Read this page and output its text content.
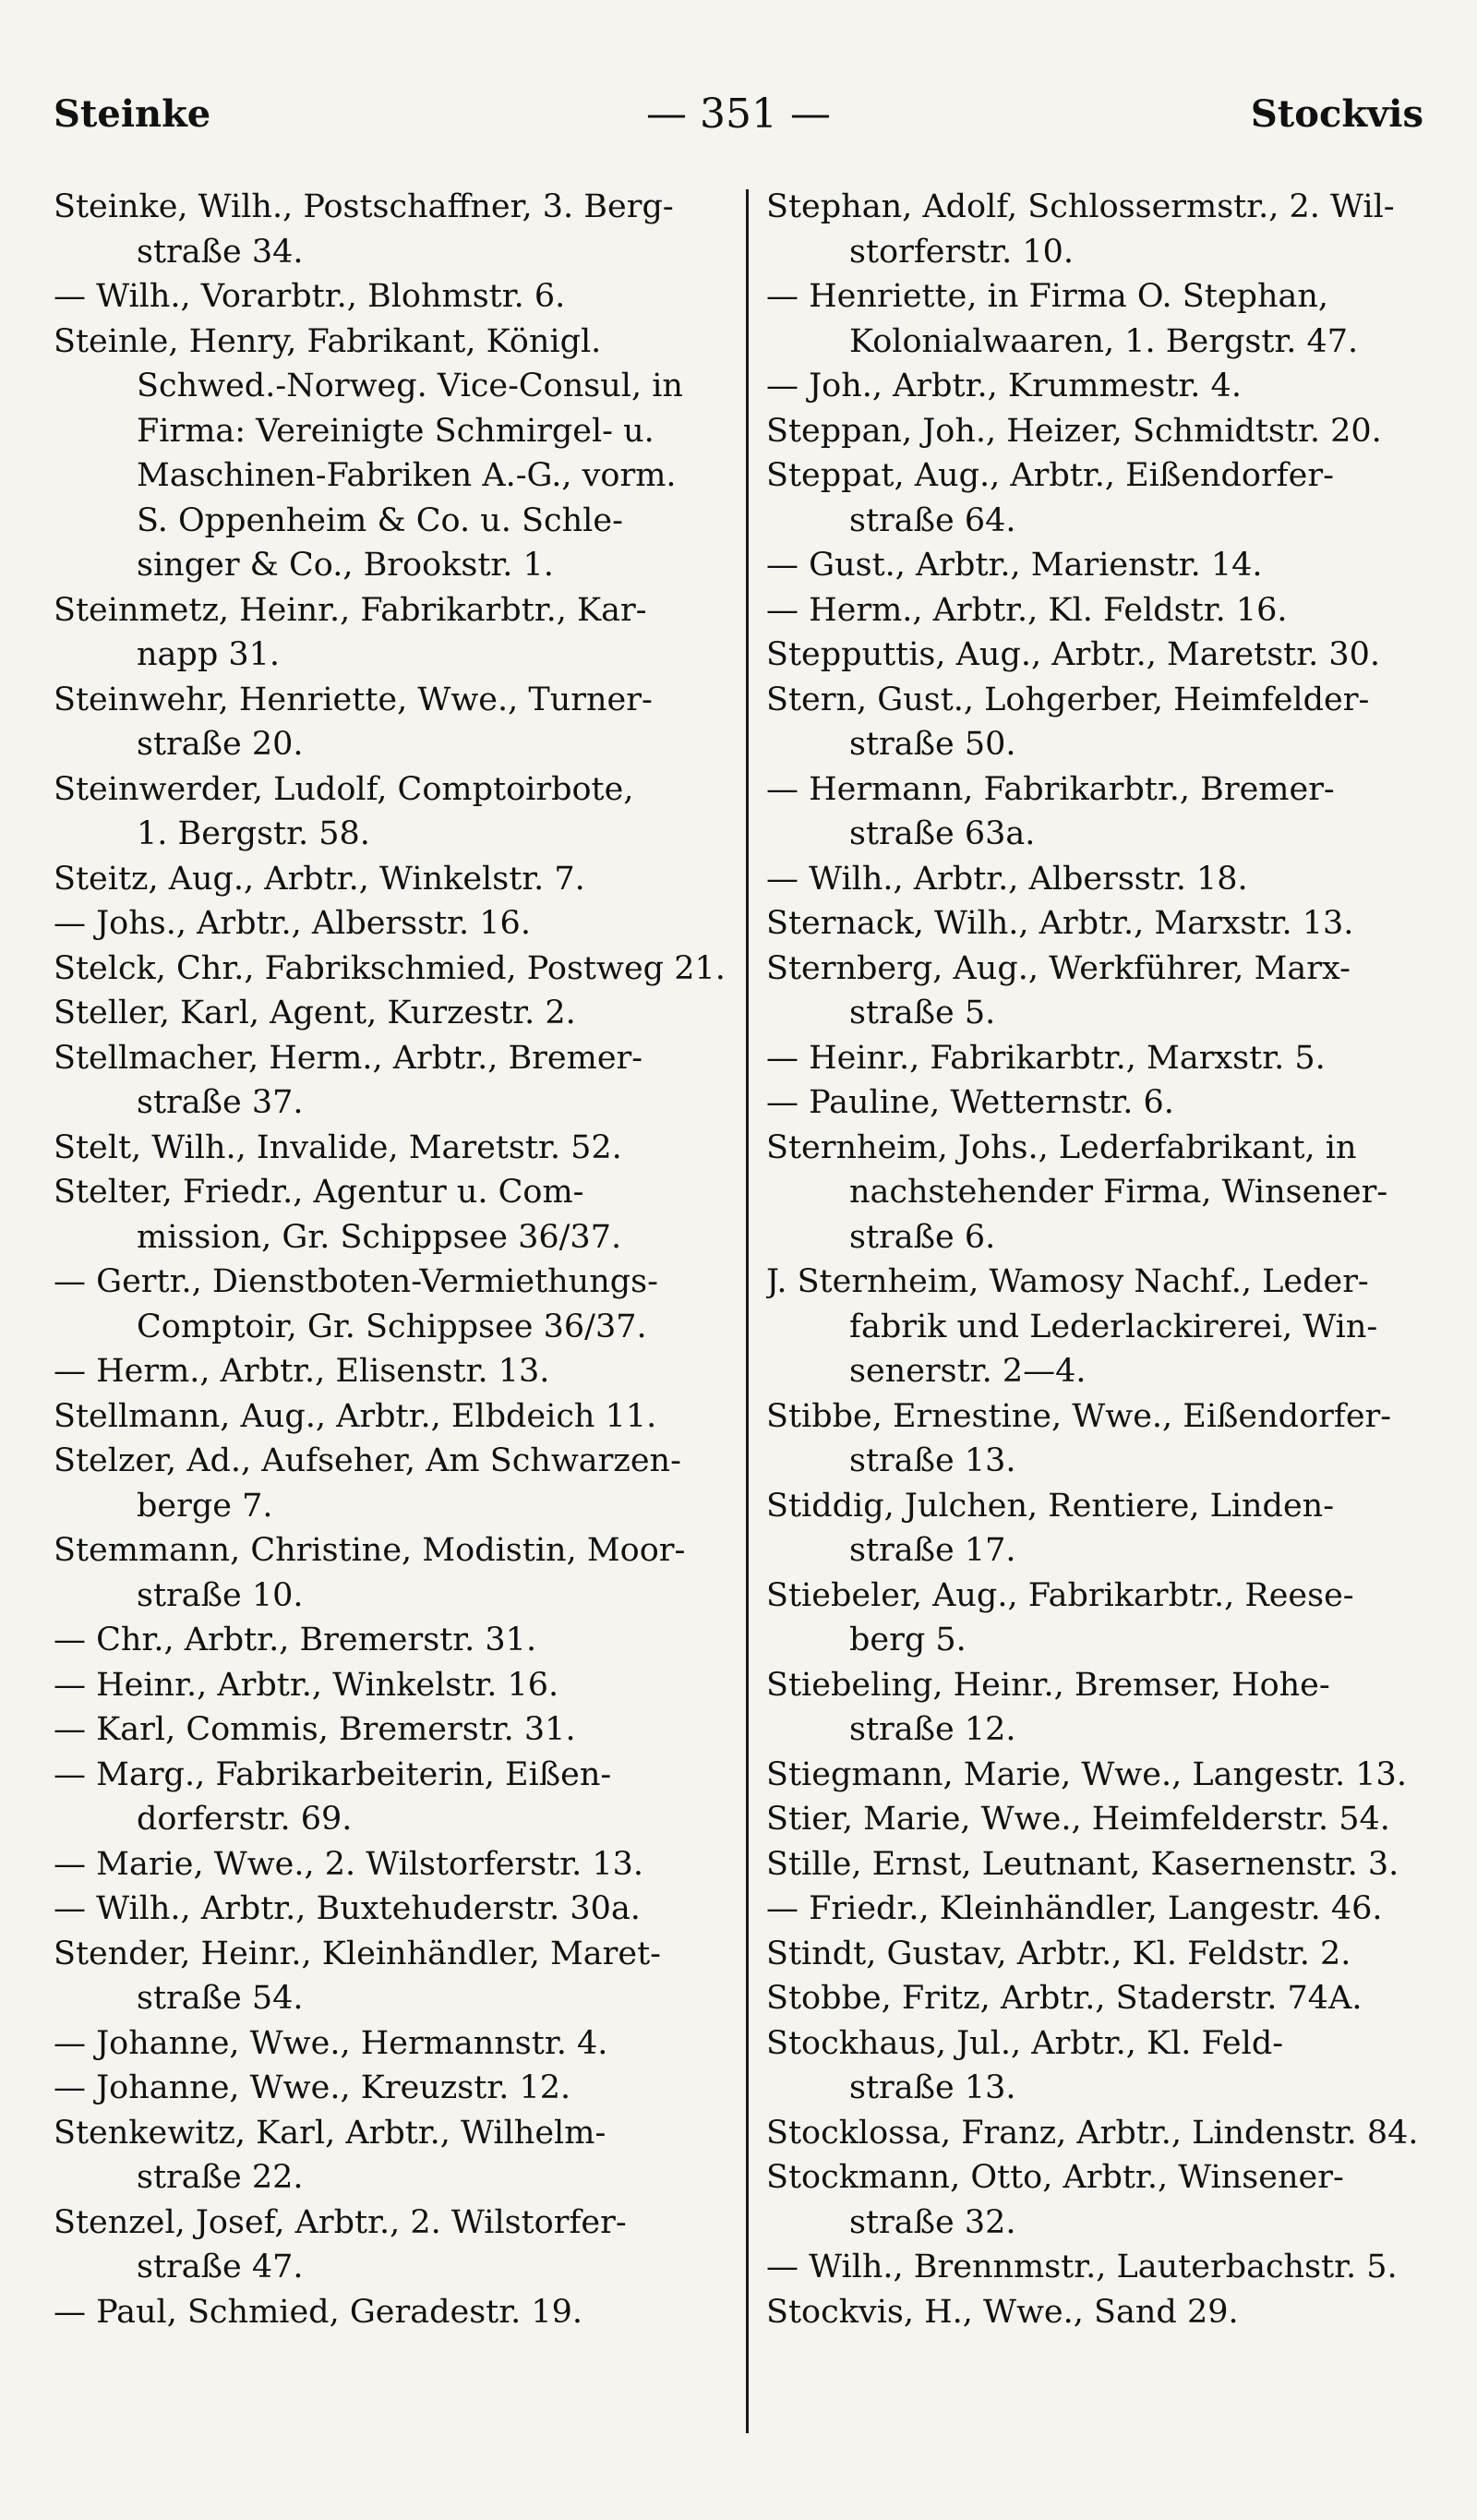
Steinke	— 351 —	Stockvis
Steinke, Wilh., Postschaffner, 3. Berg-
straße 34.
— Wilh., Vorarbtr., Blohmstr. 6.
Steinle, Henry, Fabrikant, Königl.
Schwed.-Norweg. Vice-Consul, in
Firma: Vereinigte Schmirgel- u.
Maschinen-Fabriken A.-G., vorm.
S. Oppenheim & Co. u. Schle-
singer & Co., Brookstr. 1.
Steinmetz, Heinr., Fabrikarbtr., Kar-
napp 31.
Steinwehr, Henriette, Wwe., Turner-
straße 20.
Steinwerder, Ludolf, Comptoirbote,
1. Bergstr. 58.
Steitz, Aug., Arbtr., Winkelstr. 7.
— Johs., Arbtr., Albersstr. 16.
Stelck, Chr., Fabrikschmied, Postweg 21.
Steller, Karl, Agent, Kurzestr. 2.
Stellmacher, Herm., Arbtr., Bremer-
straße 37.
Stelt, Wilh., Invalide, Maretstr. 52.
Stelter, Friedr., Agentur u. Com-
mission, Gr. Schippsee 36/37.
— Gertr., Dienstboten-Vermiethungs-
Comptoir, Gr. Schippsee 36/37.
— Herm., Arbtr., Elisenstr. 13.
Stellmann, Aug., Arbtr., Elbdeich 11.
Stelzer, Ad., Aufseher, Am Schwarzen-
berge 7.
Stemmann, Christine, Modistin, Moor-
straße 10.
— Chr., Arbtr., Bremerstr. 31.
— Heinr., Arbtr., Winkelstr. 16.
— Karl, Commis, Bremerstr. 31.
— Marg., Fabrikarbeiterin, Eißen-
dorferstr. 69.
— Marie, Wwe., 2. Wilstorferstr. 13.
— Wilh., Arbtr., Buxtehuderstr. 30a.
Stender, Heinr., Kleinhändler, Maret-
straße 54.
— Johanne, Wwe., Hermannstr. 4.
— Johanne, Wwe., Kreuzstr. 12.
Stenkewitz, Karl, Arbtr., Wilhelm-
straße 22.
Stenzel, Josef, Arbtr., 2. Wilstorfer-
straße 47.
— Paul, Schmied, Geradestr. 19.
Stephan, Adolf, Schlossermstr., 2. Wil-
storferstr. 10.
— Henriette, in Firma O. Stephan,
Kolonialwaaren, 1. Bergstr. 47.
— Joh., Arbtr., Krummestr. 4.
Steppan, Joh., Heizer, Schmidtstr. 20.
Steppat, Aug., Arbtr., Eißendorfer-
straße 64.
— Gust., Arbtr., Marienstr. 14.
— Herm., Arbtr., Kl. Feldstr. 16.
Stepputtis, Aug., Arbtr., Maretstr. 30.
Stern, Gust., Lohgerber, Heimfelder-
straße 50.
— Hermann, Fabrikarbtr., Bremer-
straße 63a.
— Wilh., Arbtr., Albersstr. 18.
Sternack, Wilh., Arbtr., Marxstr. 13.
Sternberg, Aug., Werkführer, Marx-
straße 5.
— Heinr., Fabrikarbtr., Marxstr. 5.
— Pauline, Wetternstr. 6.
Sternheim, Johs., Lederfabrikant, in
nachstehender Firma, Winsener-
straße 6.
J. Sternheim, Wamosy Nachf., Leder-
fabrik und Lederlackirerei, Win-
senerstr. 2—4.
Stibbe, Ernestine, Wwe., Eißendorfer-
straße 13.
Stiddig, Julchen, Rentiere, Linden-
straße 17.
Stiebeler, Aug., Fabrikarbtr., Reese-
berg 5.
Stiebeling, Heinr., Bremser, Hohe-
straße 12.
Stiegmann, Marie, Wwe., Langestr. 13.
Stier, Marie, Wwe., Heimfelderstr. 54.
Stille, Ernst, Leutnant, Kasernenstr. 3.
— Friedr., Kleinhändler, Langestr. 46.
Stindt, Gustav, Arbtr., Kl. Feldstr. 2.
Stobbe, Fritz, Arbtr., Staderstr. 74A.
Stockhaus, Jul., Arbtr., Kl. Feld-
straße 13.
Stocklossa, Franz, Arbtr., Lindenstr. 84.
Stockmann, Otto, Arbtr., Winsener-
straße 32.
— Wilh., Brennmstr., Lauterbachstr. 5.
Stockvis, H., Wwe., Sand 29.
